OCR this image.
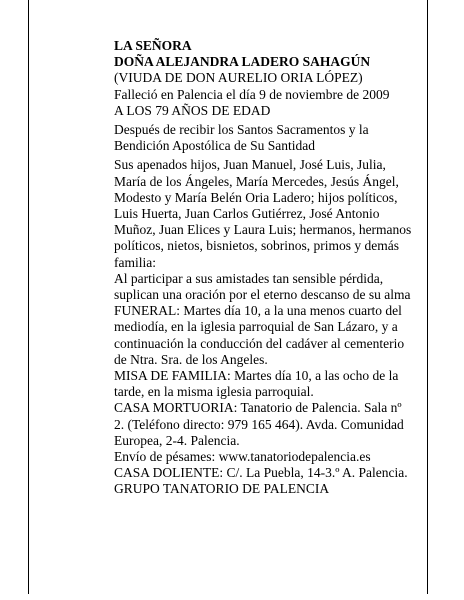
LA SEÑORA
DOÑA ALEJANDRA LADERO SAHAGÚN
(VIUDA DE DON AURELIO ORIA LÓPEZ)
Falleció en Palencia el día 9 de noviembre de 2009
A LOS 79 AÑOS DE EDAD
Después de recibir los Santos Sacramentos y la
Bendición Apostólica de Su Santidad
Sus apenados hijos, Juan Manuel, José Luis, Julia,
María de los Ángeles, María Mercedes, Jesús Ángel,
Modesto y María Belén Oria Ladero; hijos políticos,
Luis Huerta, Juan Carlos Gutiérrez, José Antonio
Muñoz, Juan Elices y Laura Luis; hermanos, hermanos
políticos, nietos, bisnietos, sobrinos, primos y demás
familia:
Al participar a sus amistades tan sensible pérdida,
suplican una oración por el eterno descanso de su alma
FUNERAL: Martes día 10, a la una menos cuarto del
mediodía, en la iglesia parroquial de San Lázaro, y a
continuación la conducción del cadáver al cementerio
de Ntra. Sra. de los Angeles.
MISA DE FAMILIA: Martes día 10, a las ocho de la
tarde, en la misma iglesia parroquial.
CASA MORTUORIA: Tanatorio de Palencia. Sala nº
2. (Teléfono directo: 979 165 464). Avda. Comunidad
Europea, 2-4. Palencia.
Envío de pésames: www.tanatoriodepalencia.es
CASA DOLIENTE: C/. La Puebla, 14-3.º A. Palencia.
GRUPO TANATORIO DE PALENCIA
